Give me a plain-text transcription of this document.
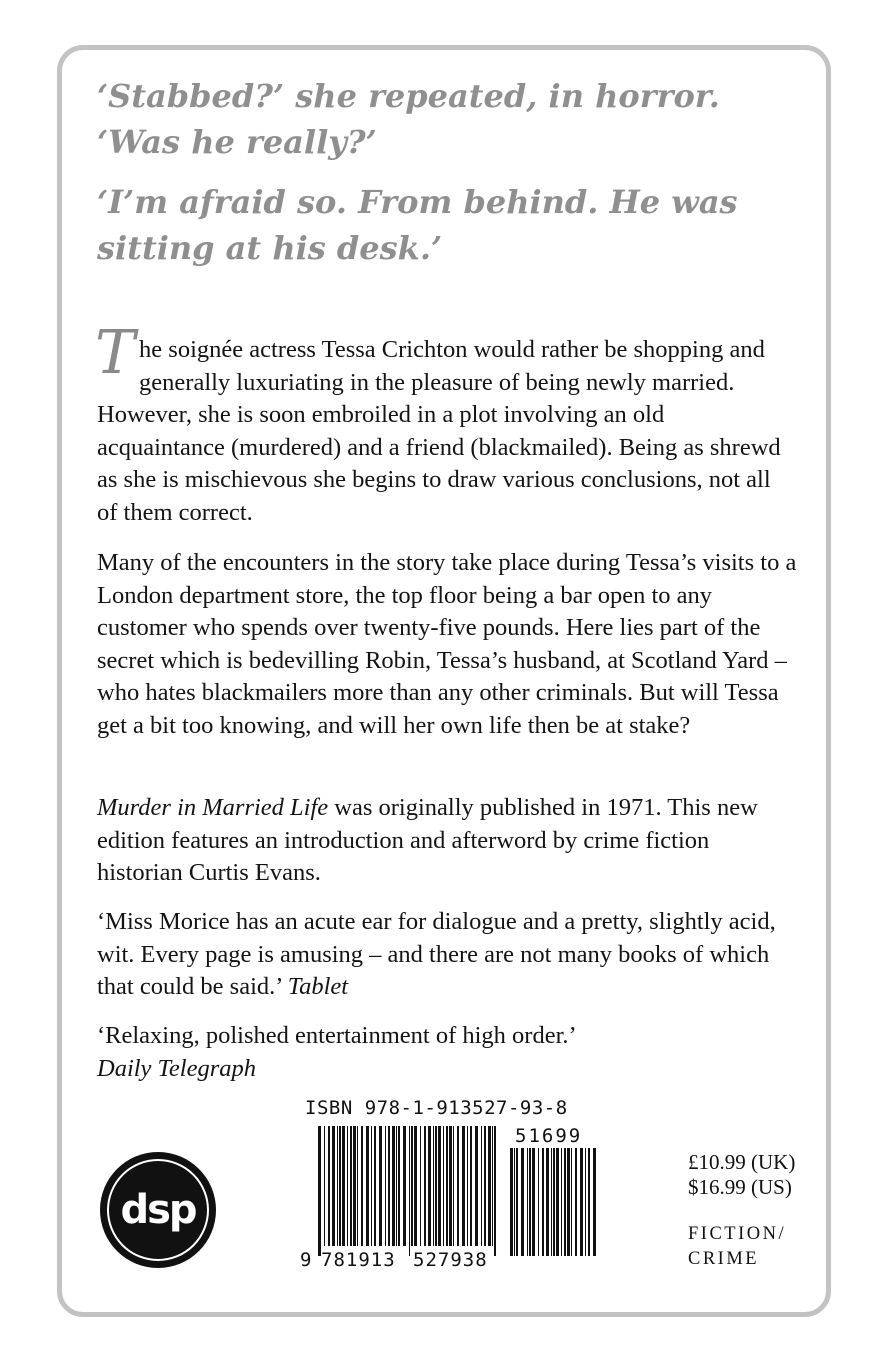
‘Stabbed?’ she repeated, in horror.

‘Was he really?’

‘I’m afraid so. From behind. He was

sitting at his desk.’

The soignée actress Tessa Crichton would rather be shopping and generally luxuriating in the pleasure of being newly married. However, she is soon embroiled in a plot involving an old acquaintance (murdered) and a friend (blackmailed). Being as shrewd as she is mischievous she begins to draw various conclusions, not all of them correct.

Many of the encounters in the story take place during Tessa’s visits to a London department store, the top floor being a bar open to any customer who spends over twenty-five pounds. Here lies part of the secret which is bedevilling Robin, Tessa’s husband, at Scotland Yard – who hates blackmailers more than any other criminals. But will Tessa get a bit too knowing, and will her own life then be at stake?

Murder in Married Life was originally published in 1971. This new edition features an introduction and afterword by crime fiction historian Curtis Evans.

‘Miss Morice has an acute ear for dialogue and a pretty, slightly acid, wit. Every page is amusing – and there are not many books of which that could be said.’ Tablet

‘Relaxing, polished entertainment of high order.’
Daily Telegraph

dsp
ISBN 978-1-913527-93-8
9 781913 527938
51699
£10.99 (UK)
$16.99 (US)
FICTION/
CRIME
